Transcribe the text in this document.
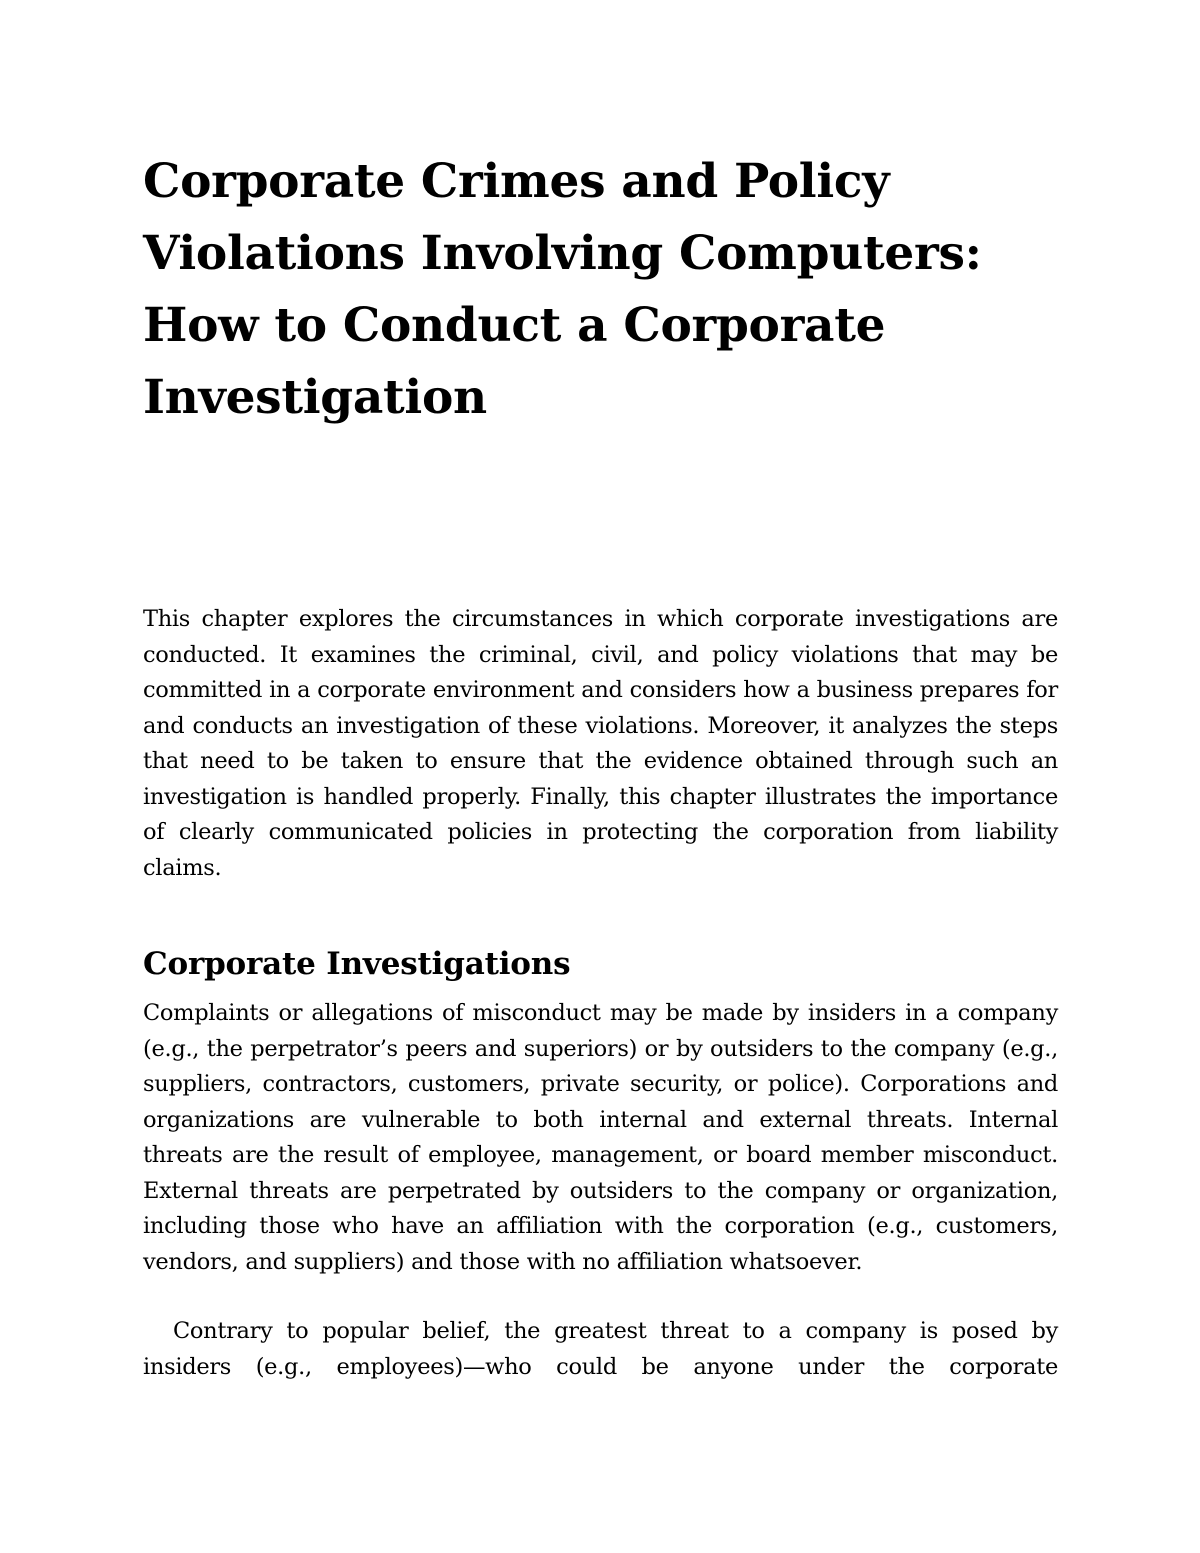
Corporate Crimes and Policy
Violations Involving Computers:
How to Conduct a Corporate
Investigation

This chapter explores the circumstances in which corporate investigations are conducted. It examines the criminal, civil, and policy violations that may be committed in a corporate environment and considers how a business prepares for and conducts an investigation of these violations. Moreover, it analyzes the steps that need to be taken to ensure that the evidence obtained through such an investigation is handled properly. Finally, this chapter illustrates the importance of clearly communicated policies in protecting the corporation from liability claims.

Corporate Investigations

Complaints or allegations of misconduct may be made by insiders in a company (e.g., the perpetrator’s peers and superiors) or by outsiders to the company (e.g., suppliers, contractors, customers, private security, or police). Corporations and organizations are vulnerable to both internal and external threats. Internal threats are the result of employee, management, or board member misconduct. External threats are perpetrated by outsiders to the company or organization, including those who have an affiliation with the corporation (e.g., customers, vendors, and suppliers) and those with no affiliation whatsoever.

Contrary to popular belief, the greatest threat to a company is posed by insiders (e.g., employees)—who could be anyone under the corporate
